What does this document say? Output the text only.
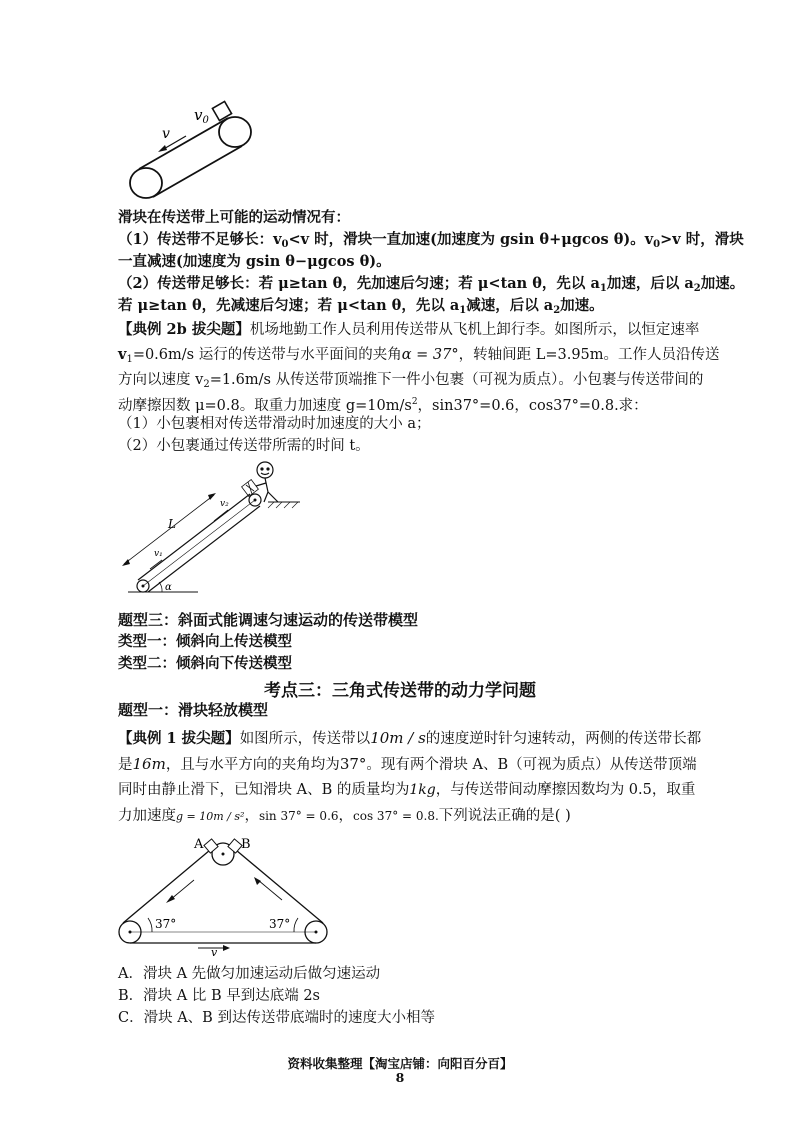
$v_0$
v
滑块在传送带上可能的运动情况有：
（1）传送带不足够长：$v_0<v$ 时，滑块一直加速(加速度为 gsin θ+μgcos θ)。$v_0>v$ 时，滑块
一直减速(加速度为 gsin θ−μgcos θ)。
（2）传送带足够长：若 μ≥tan θ，先加速后匀速；若 μ<tan θ，先以 $a_1$加速，后以 $a_2$加速。
若 μ≥tan θ，先减速后匀速；若 μ<tan θ，先以 $a_1$减速，后以 $a_2$加速。
【典例 2b 拔尖题】机场地勤工作人员利用传送带从飞机上卸行李。如图所示，以恒定速率
$v_1=0.6m/s$ 运行的传送带与水平面间的夹角α = 37°，转轴间距 L=3.95m。工作人员沿传送
方向以速度 $v_2=1.6m/s$ 从传送带顶端推下一件小包裹（可视为质点）。小包裹与传送带间的
动摩擦因数 μ=0.8。取重力加速度 $g=10m/s^2$，sin37°=0.6，cos37°=0.8.求：
（1）小包裹相对传送带滑动时加速度的大小 a；
（2）小包裹通过传送带所需的时间 t。
L
v₂
v₁
α
题型三：斜面式能调速匀速运动的传送带模型
类型一：倾斜向上传送模型
类型二：倾斜向下传送模型
考点三：三角式传送带的动力学问题
题型一：滑块轻放模型
【典例 1 拔尖题】如图所示，传送带以10m / s的速度逆时针匀速转动，两侧的传送带长都
是16m，且与水平方向的夹角均为37°。现有两个滑块 A、B（可视为质点）从传送带顶端
同时由静止滑下，已知滑块 A、B 的质量均为1kg，与传送带间动摩擦因数均为 0.5，取重
力加速度g = 10m / s²，sin 37° = 0.6，cos 37° = 0.8.下列说法正确的是( )
A	B
37°	37°
v
A．滑块 A 先做匀加速运动后做匀速运动
B．滑块 A 比 B 早到达底端 2s
C．滑块 A、B 到达传送带底端时的速度大小相等
资料收集整理【淘宝店铺：向阳百分百】
8
